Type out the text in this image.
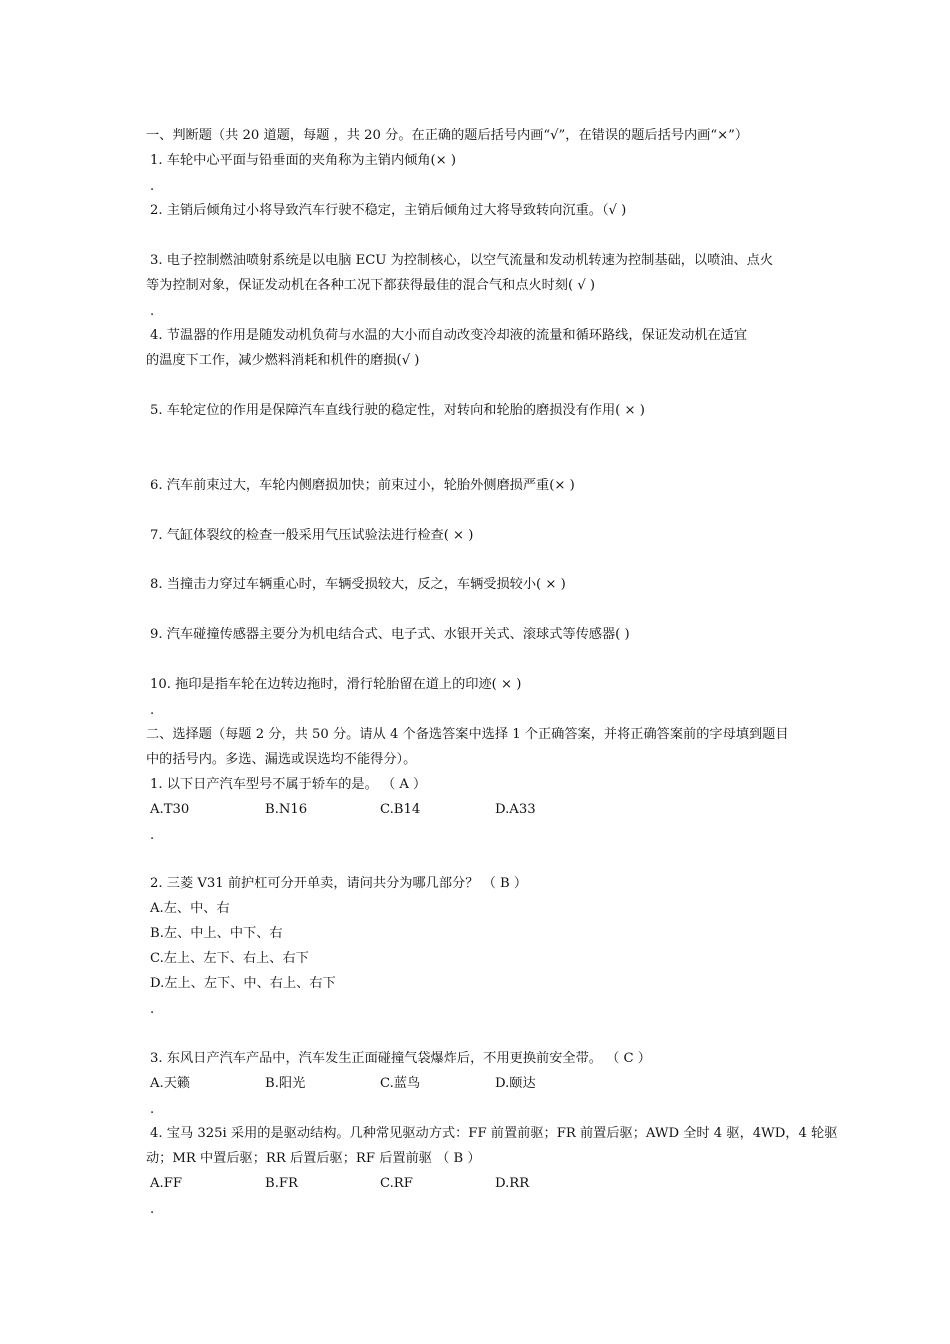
一、判断题（共 20 道题，每题 ，共 20 分。在正确的题后括号内画“√”，在错误的题后括号内画“×”）
1. 车轮中心平面与铅垂面的夹角称为主销内倾角(× )
.
2. 主销后倾角过小将导致汽车行驶不稳定，主销后倾角过大将导致转向沉重。（√ )
3. 电子控制燃油喷射系统是以电脑 ECU 为控制核心，以空气流量和发动机转速为控制基础，以喷油、点火
等为控制对象，保证发动机在各种工况下都获得最佳的混合气和点火时刻( √ )
.
4. 节温器的作用是随发动机负荷与水温的大小而自动改变冷却液的流量和循环路线，保证发动机在适宜
的温度下工作，减少燃料消耗和机件的磨损(√ )
5. 车轮定位的作用是保障汽车直线行驶的稳定性，对转向和轮胎的磨损没有作用( × )
6. 汽车前束过大，车轮内侧磨损加快；前束过小，轮胎外侧磨损严重(× )
7. 气缸体裂纹的检查一般采用气压试验法进行检查( × )
8. 当撞击力穿过车辆重心时，车辆受损较大，反之，车辆受损较小( × )
9. 汽车碰撞传感器主要分为机电结合式、电子式、水银开关式、滚球式等传感器( )
10. 拖印是指车轮在边转边拖时，滑行轮胎留在道上的印迹( × )
.
二、选择题（每题 2 分，共 50 分。请从 4 个备选答案中选择 1 个正确答案，并将正确答案前的字母填到题目
中的括号内。多选、漏选或误选均不能得分）。
1. 以下日产汽车型号不属于轿车的是。 （ A ）
A.T30	B.N16	C.B14	D.A33
.
2. 三菱 V31 前护杠可分开单卖，请问共分为哪几部分？ （ B ）
A.左、中、右
B.左、中上、中下、右
C.左上、左下、右上、右下
D.左上、左下、中、右上、右下
.
3. 东风日产汽车产品中，汽车发生正面碰撞气袋爆炸后，不用更换前安全带。 （ C ）
A.天籁	B.阳光	C.蓝鸟	D.颐达
.
4. 宝马 325i 采用的是驱动结构。几种常见驱动方式：FF 前置前驱；FR 前置后驱；AWD 全时 4 驱，4WD，4 轮驱
动；MR 中置后驱；RR 后置后驱；RF 后置前驱 （ B ）
A.FF	B.FR	C.RF	D.RR
.
